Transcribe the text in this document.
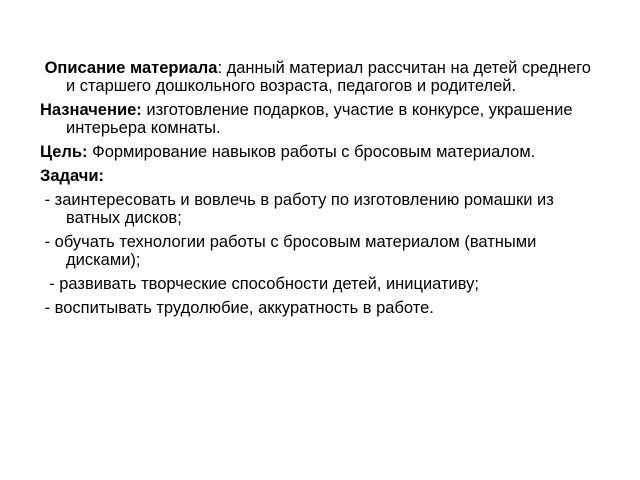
Описание материала: данный материал рассчитан на детей среднего и старшего дошкольного возраста, педагогов и родителей.

Назначение: изготовление подарков, участие в конкурсе, украшение интерьера комнаты.

Цель: Формирование навыков работы с бросовым материалом.

Задачи:

- заинтересовать и вовлечь в работу по изготовлению ромашки из ватных дисков;

- обучать технологии работы с бросовым материалом (ватными дисками);

- развивать творческие способности детей, инициативу;

- воспитывать трудолюбие, аккуратность в работе.
